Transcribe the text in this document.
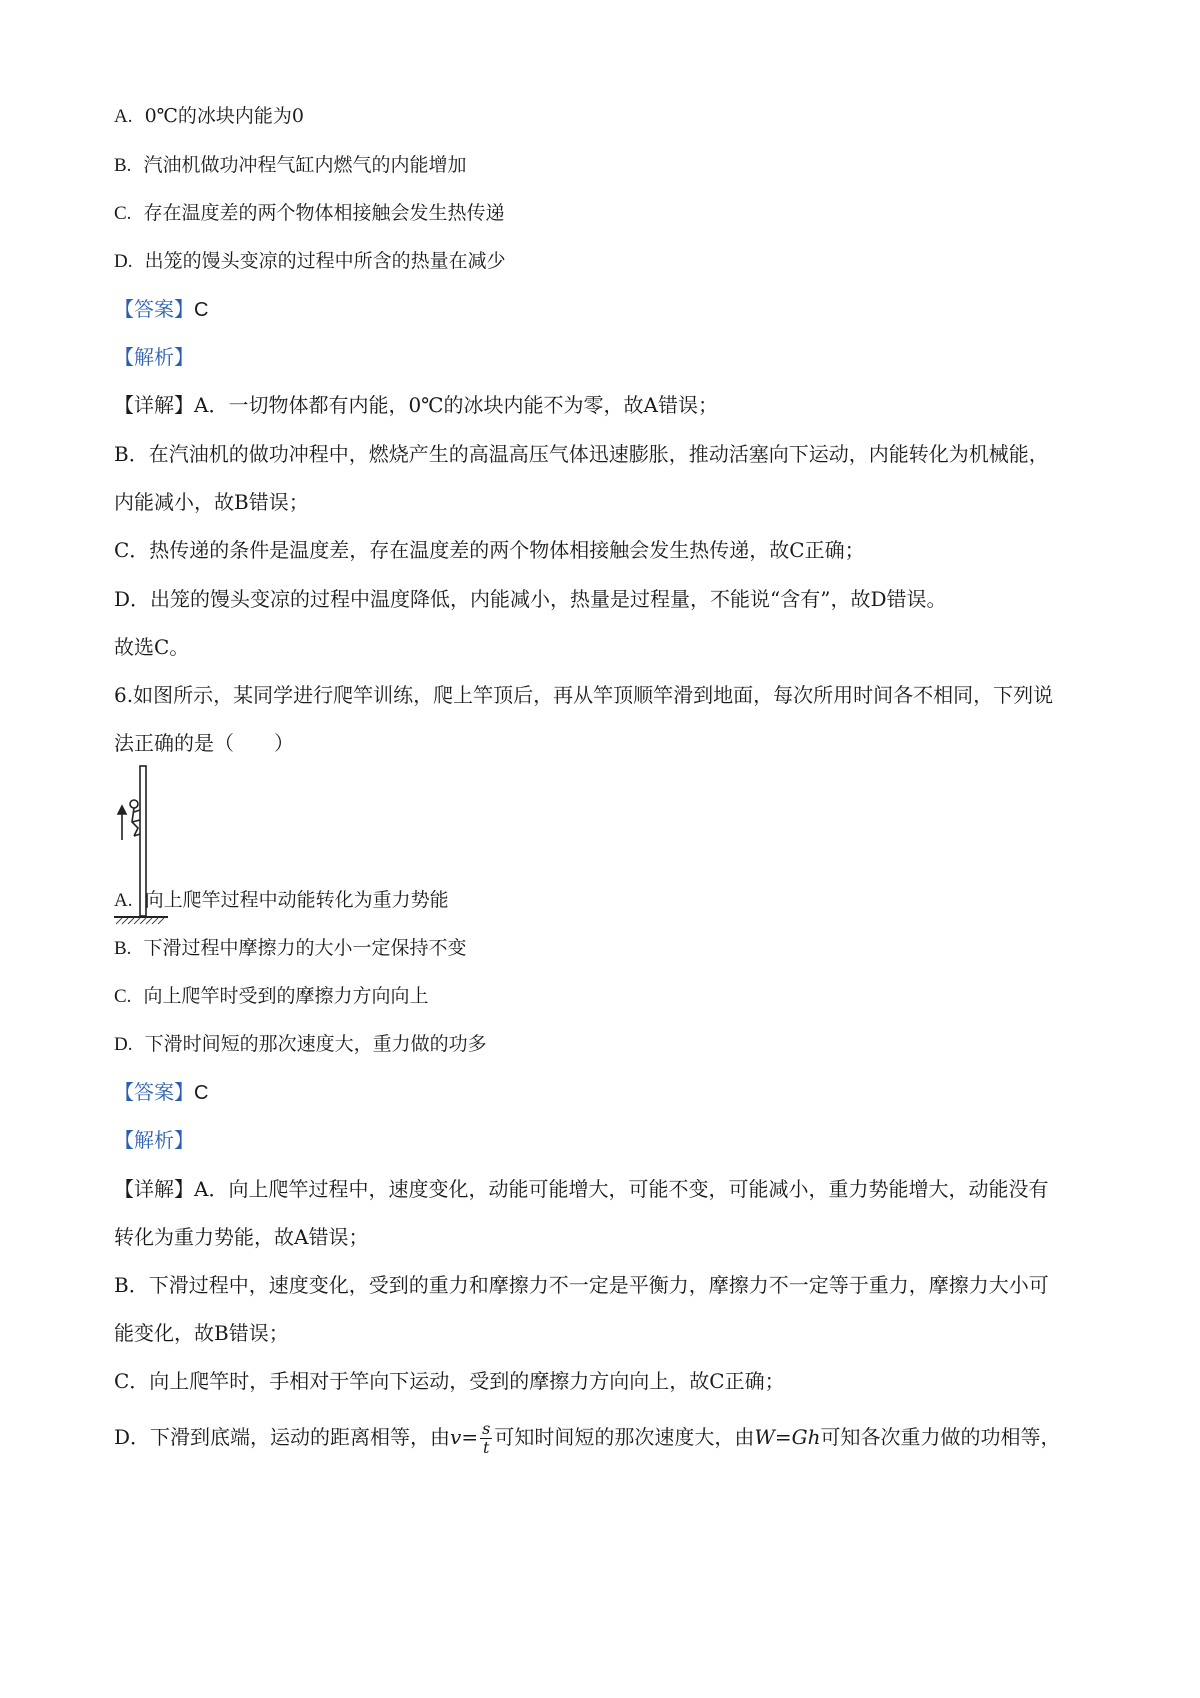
A. 0℃的冰块内能为0
B. 汽油机做功冲程气缸内燃气的内能增加
C. 存在温度差的两个物体相接触会发生热传递
D. 出笼的馒头变凉的过程中所含的热量在减少
【答案】C
【解析】
【详解】A．一切物体都有内能，0℃的冰块内能不为零，故A错误；
B．在汽油机的做功冲程中，燃烧产生的高温高压气体迅速膨胀，推动活塞向下运动，内能转化为机械能，
内能减小，故B错误；
C．热传递的条件是温度差，存在温度差的两个物体相接触会发生热传递，故C正确；
D．出笼的馒头变凉的过程中温度降低，内能减小，热量是过程量，不能说“含有”，故D错误。
故选C。
6.如图所示，某同学进行爬竿训练，爬上竿顶后，再从竿顶顺竿滑到地面，每次所用时间各不相同，下列说
法正确的是（　　）
A. 向上爬竿过程中动能转化为重力势能
B. 下滑过程中摩擦力的大小一定保持不变
C. 向上爬竿时受到的摩擦力方向向上
D. 下滑时间短的那次速度大，重力做的功多
【答案】C
【解析】
【详解】A．向上爬竿过程中，速度变化，动能可能增大，可能不变，可能减小，重力势能增大，动能没有
转化为重力势能，故A错误；
B．下滑过程中，速度变化，受到的重力和摩擦力不一定是平衡力，摩擦力不一定等于重力，摩擦力大小可
能变化，故B错误；
C．向上爬竿时，手相对于竿向下运动，受到的摩擦力方向向上，故C正确；
D．下滑到底端，运动的距离相等，由$v= \frac{s}{t}$ 可知时间短的那次速度大，由W=Gh可知各次重力做的功相等，
